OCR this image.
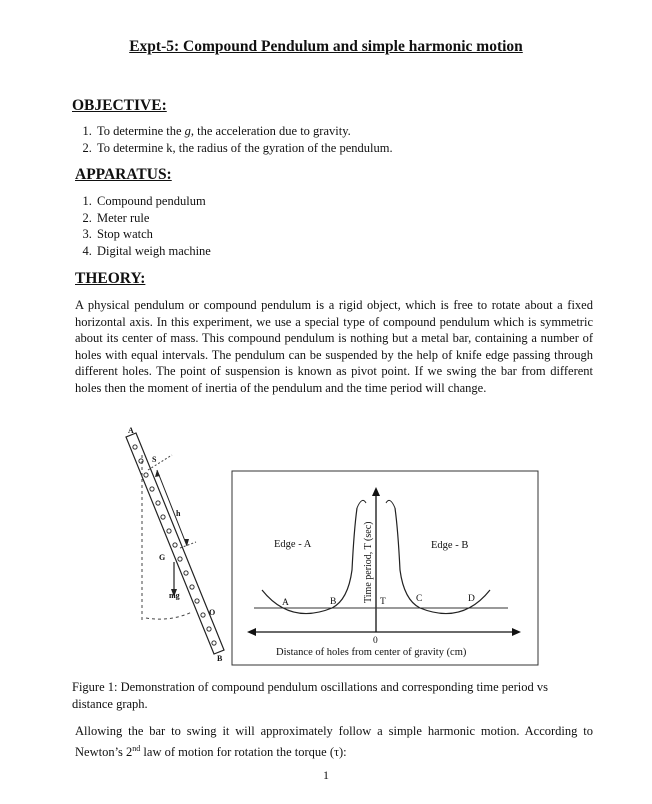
Expt-5: Compound Pendulum and simple harmonic motion
OBJECTIVE:
1. To determine the g, the acceleration due to gravity.
2. To determine k, the radius of the gyration of the pendulum.
APPARATUS:
1. Compound pendulum
2. Meter rule
3. Stop watch
4. Digital weigh machine
THEORY:

A physical pendulum or compound pendulum is a rigid object, which is free to rotate about a fixed horizontal axis. In this experiment, we use a special type of compound pendulum which is symmetric about its center of mass. This compound pendulum is nothing but a metal bar, containing a number of holes with equal intervals. The pendulum can be suspended by the help of knife edge passing through different holes. The point of suspension is known as pivot point. If we swing the bar from different holes then the moment of inertia of the pendulum and the time period will change.

A
B
S
h
G
mg
O
Edge - A	Edge - B
A	B	T	C	D
0
Distance of holes from center of gravity (cm)
Time period, T (sec)

Figure 1: Demonstration of compound pendulum oscillations and corresponding time period vs distance graph.

Allowing the bar to swing it will approximately follow a simple harmonic motion. According to Newton’s 2nd law of motion for rotation the torque (τ):

1
